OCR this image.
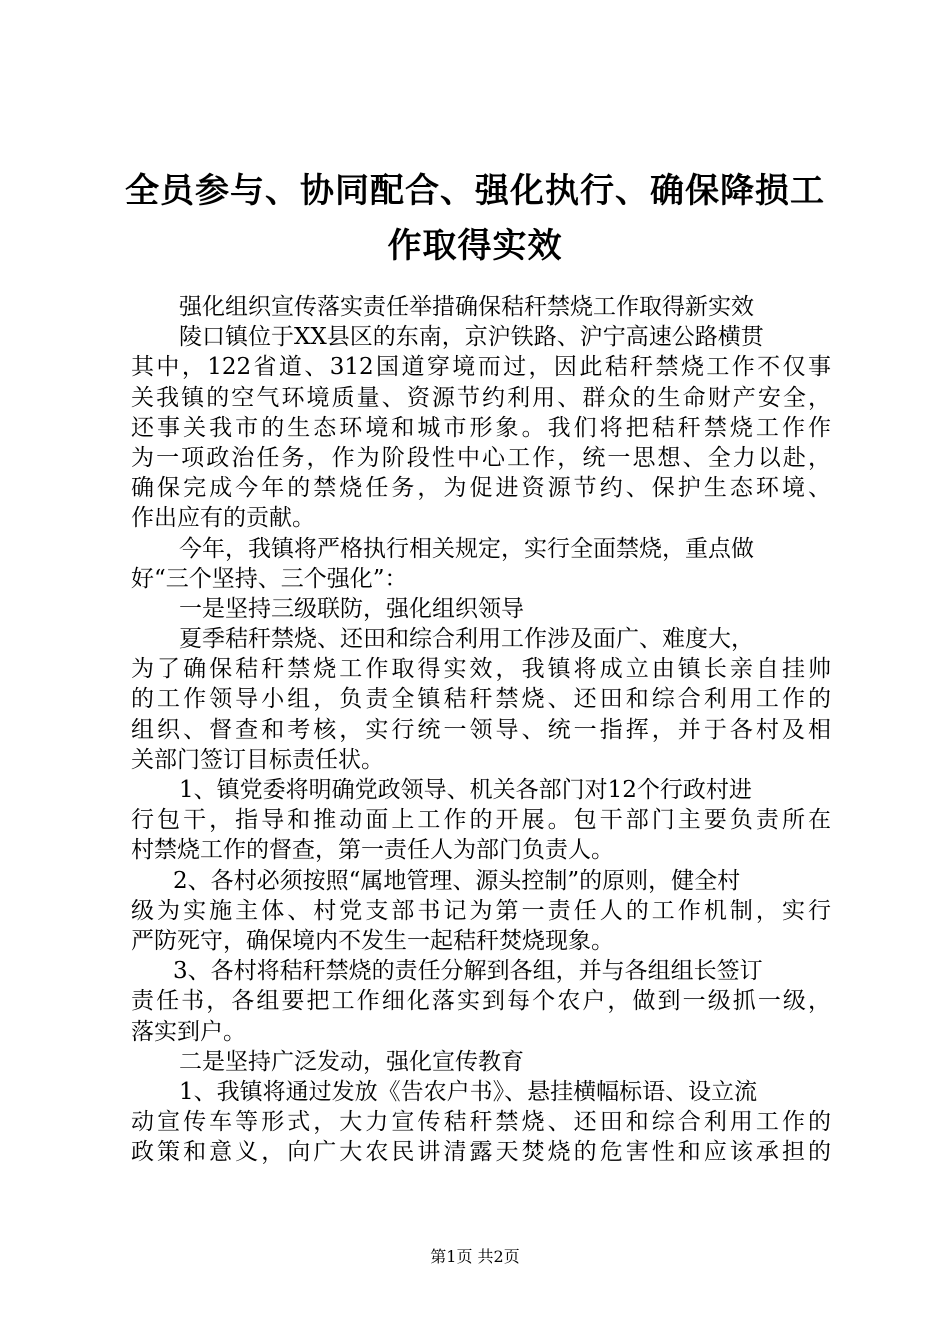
全员参与、协同配合、强化执行、确保降损工
作取得实效
强化组织宣传落实责任举措确保秸秆禁烧工作取得新实效
陵口镇位于XX县区的东南，京沪铁路、沪宁高速公路横贯
其中，122省道、312国道穿境而过，因此秸秆禁烧工作不仅事
关我镇的空气环境质量、资源节约利用、群众的生命财产安全，
还事关我市的生态环境和城市形象。我们将把秸秆禁烧工作作
为一项政治任务，作为阶段性中心工作，统一思想、全力以赴，
确保完成今年的禁烧任务，为促进资源节约、保护生态环境、
作出应有的贡献。
今年，我镇将严格执行相关规定，实行全面禁烧，重点做
好“三个坚持、三个强化”：
一是坚持三级联防，强化组织领导
夏季秸秆禁烧、还田和综合利用工作涉及面广、难度大，
为了确保秸秆禁烧工作取得实效，我镇将成立由镇长亲自挂帅
的工作领导小组，负责全镇秸秆禁烧、还田和综合利用工作的
组织、督查和考核，实行统一领导、统一指挥，并于各村及相
关部门签订目标责任状。
1、镇党委将明确党政领导、机关各部门对12个行政村进
行包干，指导和推动面上工作的开展。包干部门主要负责所在
村禁烧工作的督查，第一责任人为部门负责人。
2、各村必须按照“属地管理、源头控制”的原则，健全村
级为实施主体、村党支部书记为第一责任人的工作机制，实行
严防死守，确保境内不发生一起秸秆焚烧现象。
3、各村将秸秆禁烧的责任分解到各组，并与各组组长签订
责任书，各组要把工作细化落实到每个农户，做到一级抓一级，
落实到户。
二是坚持广泛发动，强化宣传教育
1、我镇将通过发放《告农户书》、悬挂横幅标语、设立流
动宣传车等形式，大力宣传秸秆禁烧、还田和综合利用工作的
政策和意义，向广大农民讲清露天焚烧的危害性和应该承担的
第1页 共2页
